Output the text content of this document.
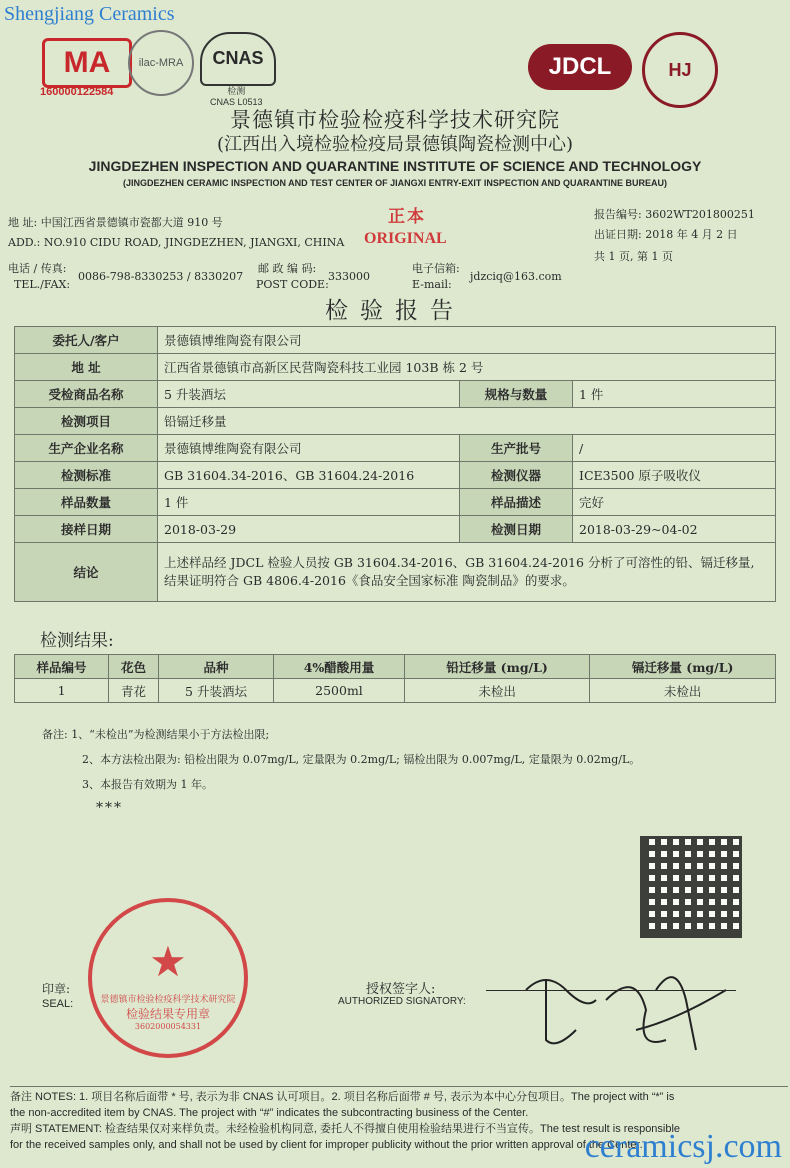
Shengjiang Ceramics
MA
160000122584
ilac-MRA	CNAS
检测
CNAS L0513
JDCL	HJ
景德镇市检验检疫科学技术研究院
(江西出入境检验检疫局景德镇陶瓷检测中心)
JINGDEZHEN INSPECTION AND QUARANTINE INSTITUTE OF SCIENCE AND TECHNOLOGY
(JINGDEZHEN CERAMIC INSPECTION AND TEST CENTER OF JIANGXI ENTRY-EXIT INSPECTION AND QUARANTINE BUREAU)
地 址: 中国江西省景德镇市瓷都大道 910 号
ADD.: NO.910 CIDU ROAD, JINGDEZHEN, JIANGXI, CHINA
电话 / 传真:
TEL./FAX:
0086-798-8330253 / 8330207
邮 政 编 码:
POST CODE:
333000
电子信箱:
E-mail:
jdzciq@163.com
正本
ORIGINAL
报告编号: 3602WT201800251
出证日期: 2018 年 4 月 2 日
共 1 页, 第 1 页
检验报告
委托人/客户	景德镇博维陶瓷有限公司		
地 址	江西省景德镇市高新区民营陶瓷科技工业园 103B 栋 2 号		
受检商品名称	5 升装酒坛	规格与数量	1 件
检测项目	铅镉迁移量		
生产企业名称	景德镇博维陶瓷有限公司	生产批号	/
检测标准	GB 31604.34-2016、GB 31604.24-2016	检测仪器	ICE3500 原子吸收仪
样品数量	1 件	样品描述	完好
接样日期	2018-03-29	检测日期	2018-03-29~04-02
结论	上述样品经 JDCL 检验人员按 GB 31604.34-2016、GB 31604.24-2016 分析了可溶性的铅、镉迁移量, 结果证明符合 GB 4806.4-2016《食品安全国家标准 陶瓷制品》的要求。		
检测结果:
样品编号	花色	品种	4%醋酸用量	铅迁移量 (mg/L)	镉迁移量 (mg/L)
1	青花	5 升装酒坛	2500ml	未检出	未检出
备注: 1、“未检出”为检测结果小于方法检出限;
2、本方法检出限为: 铅检出限为 0.07mg/L, 定量限为 0.2mg/L; 镉检出限为 0.007mg/L, 定量限为 0.02mg/L。
3、本报告有效期为 1 年。
***
★
景德镇市检验检疫科学技术研究院
检验结果专用章
3602000054331
印章:
SEAL:
授权签字人:
AUTHORIZED SIGNATORY:
备注 NOTES: 1. 项目名称后面带 * 号, 表示为非 CNAS 认可项目。2. 项目名称后面带 # 号, 表示为本中心分包项目。The project with “*” is
the non-accredited item by CNAS. The project with “#” indicates the subcontracting business of the Center.
声明 STATEMENT: 检查结果仅对来样负责。未经检验机构同意, 委托人不得擅自使用检验结果进行不当宣传。The test result is responsible
for the received samples only, and shall not be used by client for improper publicity without the prior written approval of the Center.
ceramicsj.com
